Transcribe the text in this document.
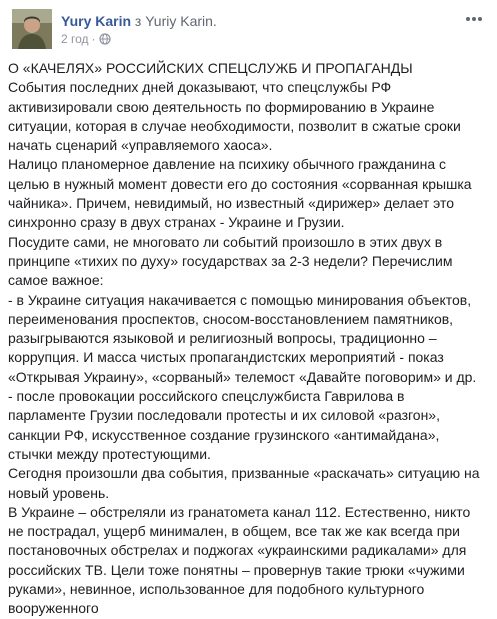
Yury Karin з Yuriy Karin.
2 год ·

О «КАЧЕЛЯХ» РОССИЙСКИХ СПЕЦСЛУЖБ И ПРОПАГАНДЫ
События последних дней доказывают, что спецслужбы РФ
активизировали свою деятельность по формированию в Украине
ситуации, которая в случае необходимости, позволит в сжатые сроки
начать сценарий «управляемого хаоса».

Налицо планомерное давление на психику обычного гражданина с
целью в нужный момент довести его до состояния «сорванная крышка
чайника». Причем, невидимый, но известный «дирижер» делает это
синхронно сразу в двух странах - Украине и Грузии.

Посудите сами, не многовато ли событий произошло в этих двух в
принципе «тихих по духу» государствах за 2-3 недели? Перечислим
самое важное:

- в Украине ситуация накачивается с помощью минирования объектов,
переименования проспектов, сносом-восстановлением памятников,
разыгрываются языковой и религиозный вопросы, традиционно –
коррупция. И масса чистых пропагандистских мероприятий - показ
«Открывая Украину», «сорваный» телемост «Давайте поговорим» и др.

- после провокации российского спецслужбиста Гаврилова в
парламенте Грузии последовали протесты и их силовой «разгон»,
санкции РФ, искусственное создание грузинского «антимайдана»,
стычки между протестующими.

Сегодня произошли два события, призванные «раскачать» ситуацию на
новый уровень.

В Украине – обстреляли из гранатомета канал 112. Естественно, никто
не пострадал, ущерб минимален, в общем, все так же как всегда при
постановочных обстрелах и поджогах «украинскими радикалами» для
российских ТВ. Цели тоже понятны – провернув такие трюки «чужими
руками», невинное, использованное для подобного культурного вооруженного
